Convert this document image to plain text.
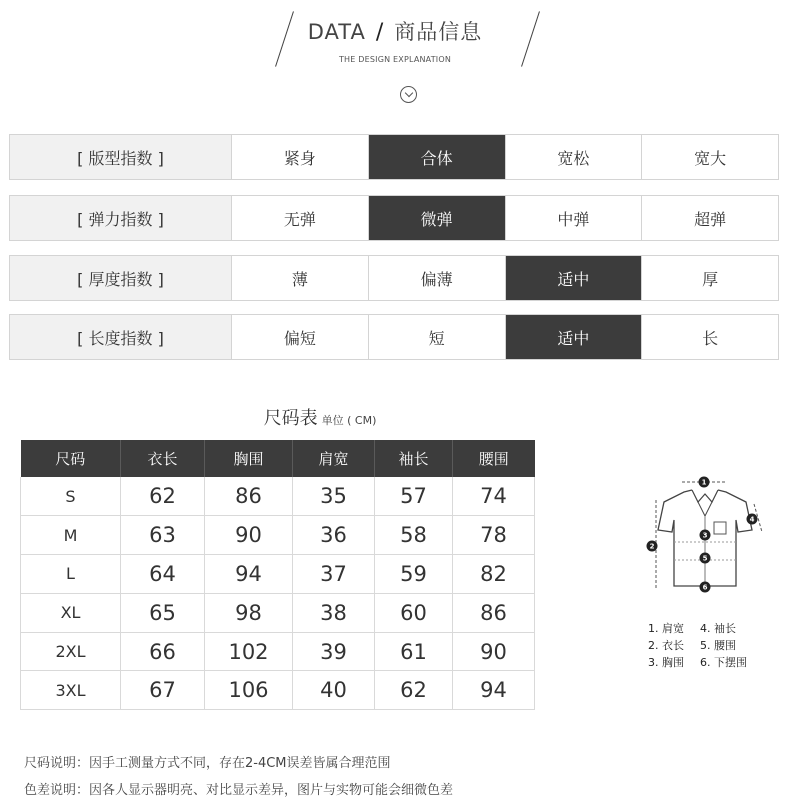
DATA / 商品信息
THE DESIGN EXPLANATION
[ 版型指数 ]	紧身	合体	宽松	宽大
[ 弹力指数 ]	无弹	微弹	中弹	超弹
[ 厚度指数 ]	薄	偏薄	适中	厚
[ 长度指数 ]	偏短	短	适中	长
尺码表 单位 ( CM)
尺码	衣长	胸围	肩宽	袖长	腰围
S	62	86	35	57	74
M	63	90	36	58	78
L	64	94	37	59	82
XL	65	98	38	60	86
2XL	66	102	39	61	90
3XL	67	106	40	62	94
1
2
3
4
5
6
1. 肩宽	4. 袖长
2. 衣长	5. 腰围
3. 胸围	6. 下摆围
尺码说明：因手工测量方式不同，存在2-4CM误差皆属合理范围
色差说明：因各人显示器明亮、对比显示差异，图片与实物可能会细微色差
